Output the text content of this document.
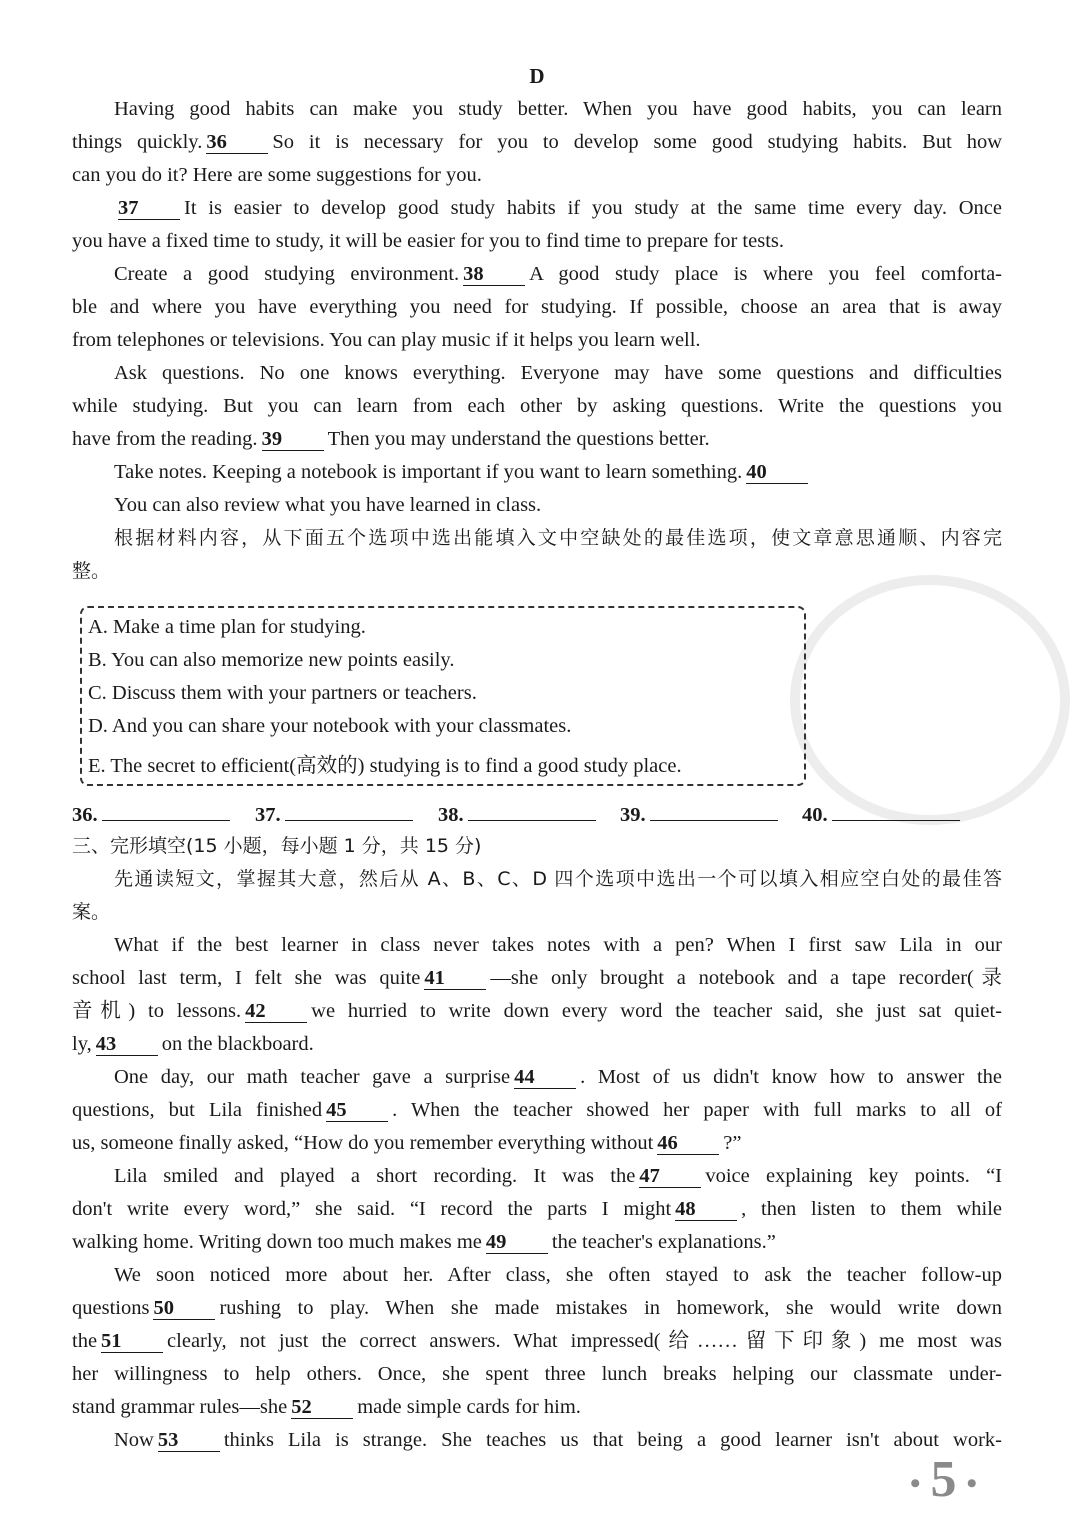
D
Having good habits can make you study better. When you have good habits, you can learn
things quickly. 36 So it is necessary for you to develop some good studying habits. But how
can you do it? Here are some suggestions for you.
37 It is easier to develop good study habits if you study at the same time every day. Once
you have a fixed time to study, it will be easier for you to find time to prepare for tests.
Create a good studying environment. 38 A good study place is where you feel comforta-
ble and where you have everything you need for studying. If possible, choose an area that is away
from telephones or televisions. You can play music if it helps you learn well.
Ask questions. No one knows everything. Everyone may have some questions and difficulties
while studying. But you can learn from each other by asking questions. Write the questions you
have from the reading. 39 Then you may understand the questions better.
Take notes. Keeping a notebook is important if you want to learn something. 40
You can also review what you have learned in class.
根据材料内容，从下面五个选项中选出能填入文中空缺处的最佳选项，使文章意思通顺、内容完
整。
A. Make a time plan for studying.
B. You can also memorize new points easily.
C. Discuss them with your partners or teachers.
D. And you can share your notebook with your classmates.
E. The secret to efficient(高效的) studying is to find a good study place.
36.	37.	38.	39.	40.
三、完形填空(15 小题，每小题 1 分，共 15 分)
先通读短文，掌握其大意，然后从 A、B、C、D 四个选项中选出一个可以填入相应空白处的最佳答
案。
What if the best learner in class never takes notes with a pen? When I first saw Lila in our
school last term, I felt she was quite 41 —she only brought a notebook and a tape recorder(录
音机) to lessons. 42 we hurried to write down every word the teacher said, she just sat quiet-
ly, 43 on the blackboard.
One day, our math teacher gave a surprise 44 . Most of us didn't know how to answer the
questions, but Lila finished 45 . When the teacher showed her paper with full marks to all of
us, someone finally asked, “How do you remember everything without 46 ?”
Lila smiled and played a short recording. It was the 47 voice explaining key points. “I
don't write every word,” she said. “I record the parts I might 48 , then listen to them while
walking home. Writing down too much makes me 49 the teacher's explanations.”
We soon noticed more about her. After class, she often stayed to ask the teacher follow-up
questions 50 rushing to play. When she made mistakes in homework, she would write down
the 51 clearly, not just the correct answers. What impressed(给……留下印象) me most was
her willingness to help others. Once, she spent three lunch breaks helping our classmate under-
stand grammar rules—she 52 made simple cards for him.
Now 53 thinks Lila is strange. She teaches us that being a good learner isn't about work-
• 5 •
